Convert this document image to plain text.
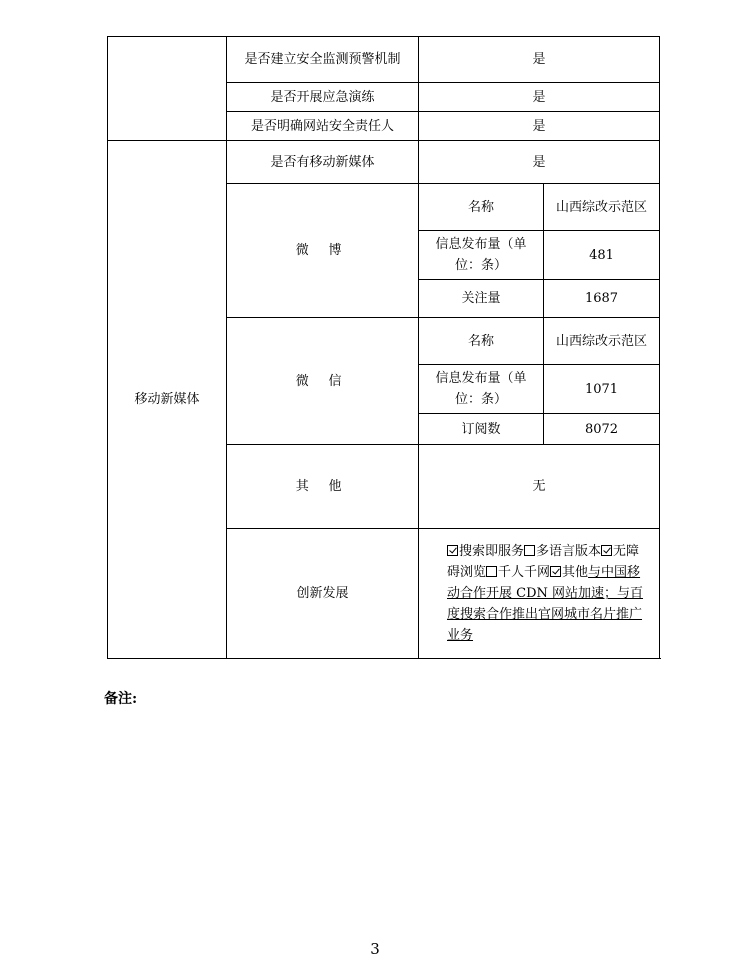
	是否建立安全监测预警机制	是	
	是否开展应急演练	是	
	是否明确网站安全责任人	是	
移动新媒体	是否有移动新媒体	是	
	微 博	名称	山西综改示范区
		信息发布量（单位：条）	481
		关注量	1687
	微 信	名称	山西综改示范区
		信息发布量（单位：条）	1071
		订阅数	8072
	其 他	无	
	创新发展	搜索即服务 多语言版本 无障碍浏览 千人千网 其他与中国移动合作开展 CDN 网站加速；与百度搜索合作推出官网城市名片推广业务	
备注:
3
